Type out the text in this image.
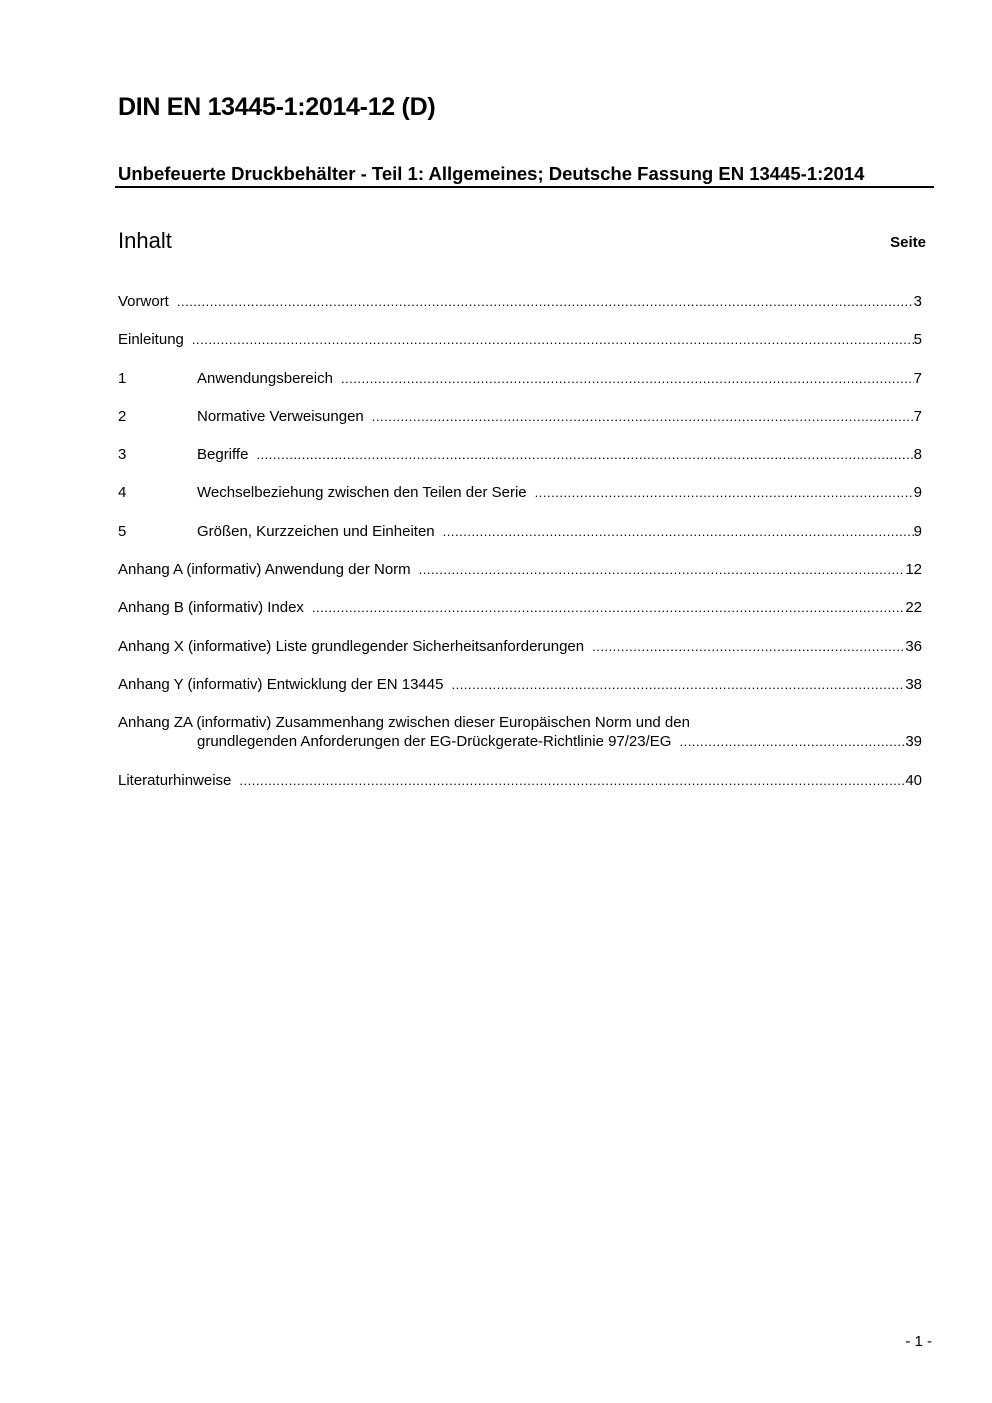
DIN EN 13445-1:2014-12 (D)
Unbefeuerte Druckbehälter - Teil 1: Allgemeines; Deutsche Fassung EN 13445-1:2014
Inhalt	Seite
Vorwort .....	3
Einleitung .....	5
1	Anwendungsbereich .....	7
2	Normative Verweisungen .....	7
3	Begriffe .....	8
4	Wechselbeziehung zwischen den Teilen der Serie .....	9
5	Größen, Kurzzeichen und Einheiten .....	9
Anhang A (informativ) Anwendung der Norm .....	12
Anhang B (informativ) Index .....	22
Anhang X (informative) Liste grundlegender Sicherheitsanforderungen .....	36
Anhang Y (informativ) Entwicklung der EN 13445 .....	38
Anhang ZA (informativ) Zusammenhang zwischen dieser Europäischen Norm und den
grundlegenden Anforderungen der EG-Drückgerate-Richtlinie 97/23/EG .....	39
Literaturhinweise .....	40
- 1 -
